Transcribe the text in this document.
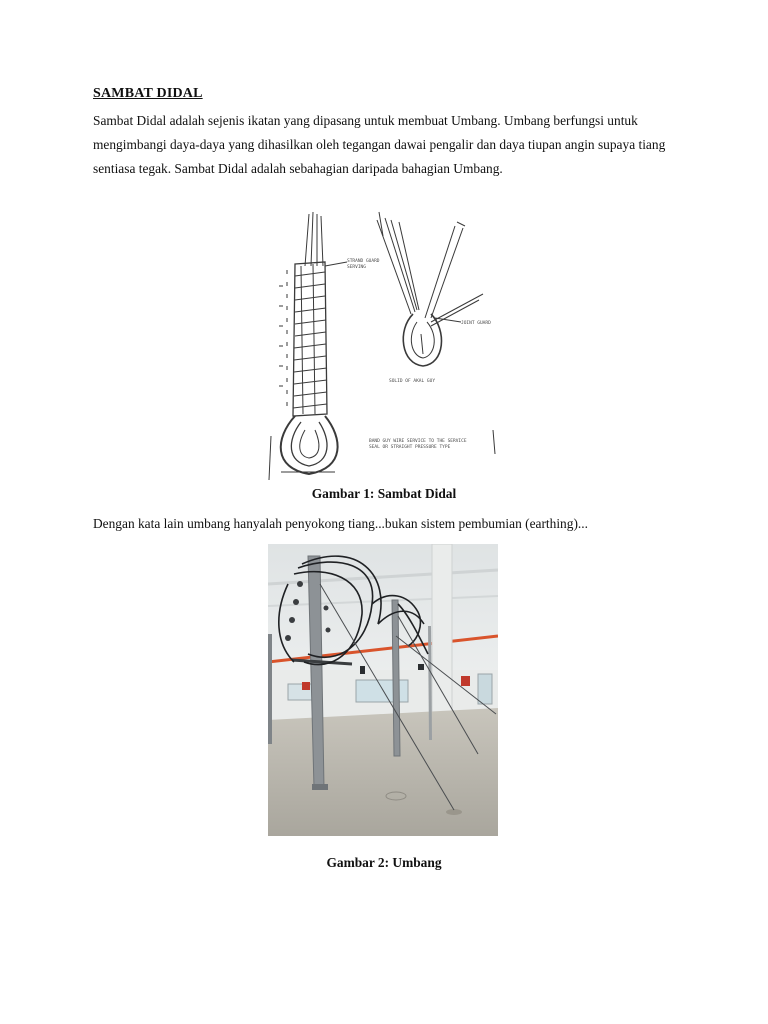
SAMBAT DIDAL
Sambat Didal adalah sejenis ikatan yang dipasang untuk membuat Umbang. Umbang berfungsi untuk mengimbangi daya-daya yang dihasilkan oleh tegangan dawai pengalir dan daya tiupan angin supaya tiang sentiasa tegak. Sambat Didal adalah sebahagian daripada bahagian Umbang.
STRAND GUARD
SERVING
JOINT GUARD
SOLID OF AKAL GUY
BAND GUY WIRE SERVICE TO THE SERVICE
SEAL OR STRAIGHT PRESSURE TYPE
Gambar 1: Sambat Didal
Dengan kata lain umbang hanyalah penyokong tiang...bukan sistem pembumian (earthing)...
Gambar 2: Umbang
